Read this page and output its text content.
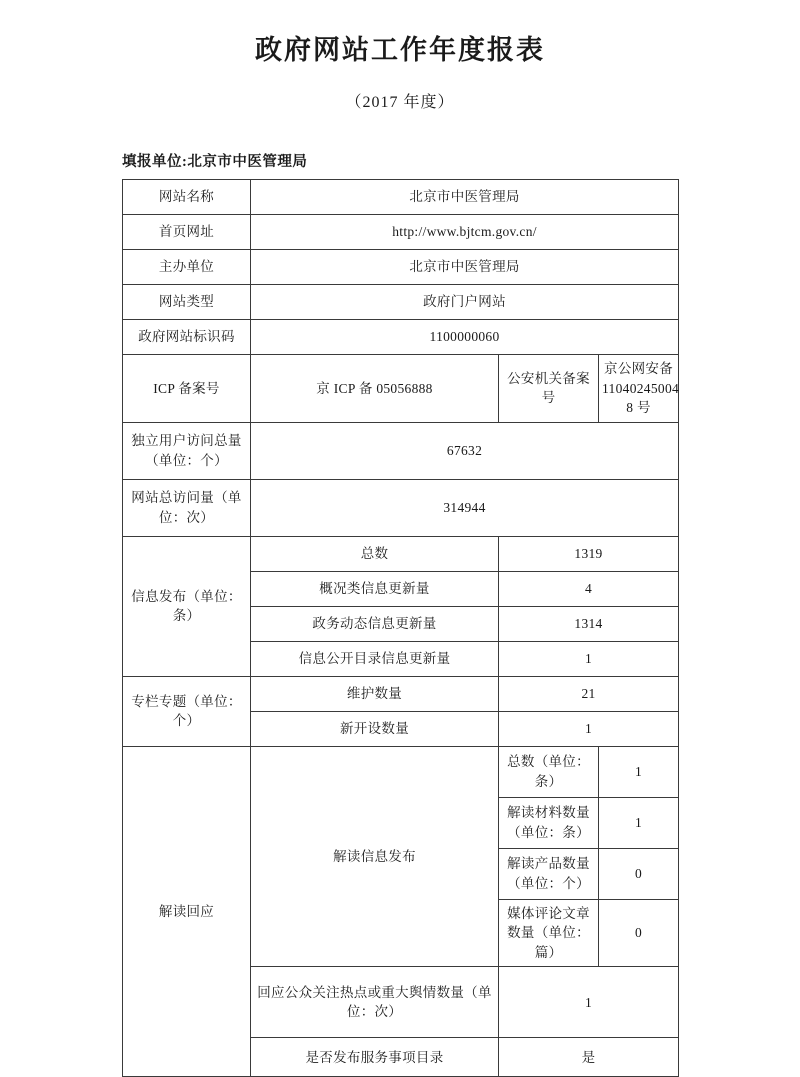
政府网站工作年度报表
（2017 年度）
填报单位:北京市中医管理局
网站名称	北京市中医管理局		
首页网址	http://www.bjtcm.gov.cn/		
主办单位	北京市中医管理局		
网站类型	政府门户网站		
政府网站标识码	1100000060		
ICP 备案号	京 ICP 备 05056888	公安机关备案号	京公网安备 11040245004 8 号
独立用户访问总量（单位：个）	67632		
网站总访问量（单位：次）	314944		
信息发布（单位：条）	总数	1319	
	概况类信息更新量	4	
	政务动态信息更新量	1314	
	信息公开目录信息更新量	1	
专栏专题（单位：个）	维护数量	21	
	新开设数量	1	
解读回应	解读信息发布	总数（单位：条）	1
		解读材料数量（单位：条）	1
		解读产品数量（单位：个）	0
		媒体评论文章数量（单位：篇）	0
	回应公众关注热点或重大舆情数量（单位：次）	1	
	是否发布服务事项目录	是	
